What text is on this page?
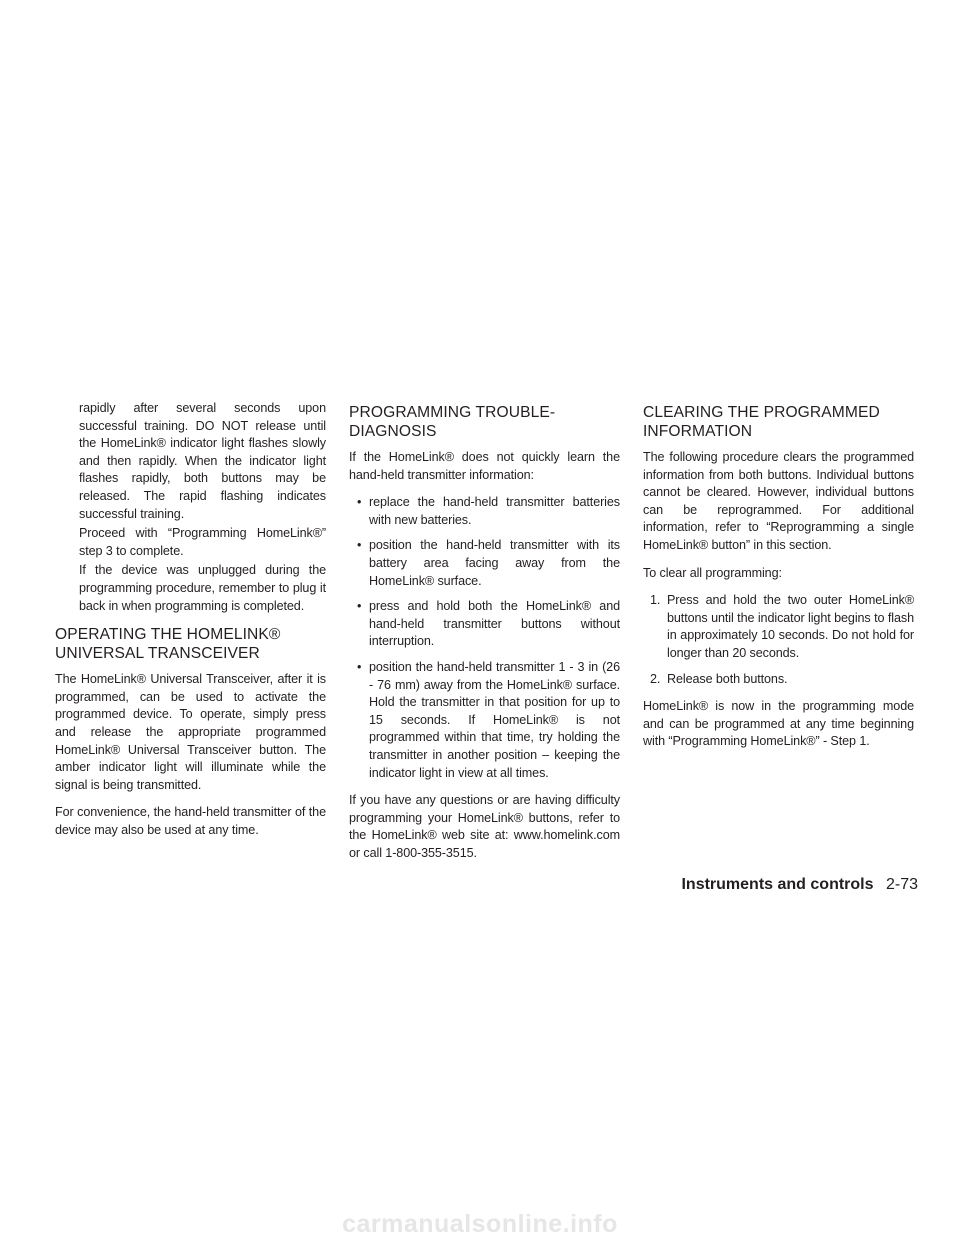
rapidly after several seconds upon successful training. DO NOT release until the HomeLink® indicator light flashes slowly and then rapidly. When the indicator light flashes rapidly, both buttons may be released. The rapid flashing indicates successful training.

Proceed with “Programming HomeLink®” step 3 to complete.

If the device was unplugged during the programming procedure, remember to plug it back in when programming is completed.

OPERATING THE HOMELINK® UNIVERSAL TRANSCEIVER

The HomeLink® Universal Transceiver, after it is programmed, can be used to activate the programmed device. To operate, simply press and release the appropriate programmed HomeLink® Universal Transceiver button. The amber indicator light will illuminate while the signal is being transmitted.

For convenience, the hand-held transmitter of the device may also be used at any time.

PROGRAMMING TROUBLE-DIAGNOSIS

If the HomeLink® does not quickly learn the hand-held transmitter information:

• replace the hand-held transmitter batteries with new batteries.
• position the hand-held transmitter with its battery area facing away from the HomeLink® surface.
• press and hold both the HomeLink® and hand-held transmitter buttons without interruption.
• position the hand-held transmitter 1 - 3 in (26 - 76 mm) away from the HomeLink® surface. Hold the transmitter in that position for up to 15 seconds. If HomeLink® is not programmed within that time, try holding the transmitter in another position – keeping the indicator light in view at all times.

If you have any questions or are having difficulty programming your HomeLink® buttons, refer to the HomeLink® web site at: www.homelink.com or call 1-800-355-3515.

CLEARING THE PROGRAMMED INFORMATION

The following procedure clears the programmed information from both buttons. Individual buttons cannot be cleared. However, individual buttons can be reprogrammed. For additional information, refer to “Reprogramming a single HomeLink® button” in this section.

To clear all programming:

1. Press and hold the two outer HomeLink® buttons until the indicator light begins to flash in approximately 10 seconds. Do not hold for longer than 20 seconds.
2. Release both buttons.

HomeLink® is now in the programming mode and can be programmed at any time beginning with “Programming HomeLink®” - Step 1.

Instruments and controls 2-73
carmanualsonline.info
